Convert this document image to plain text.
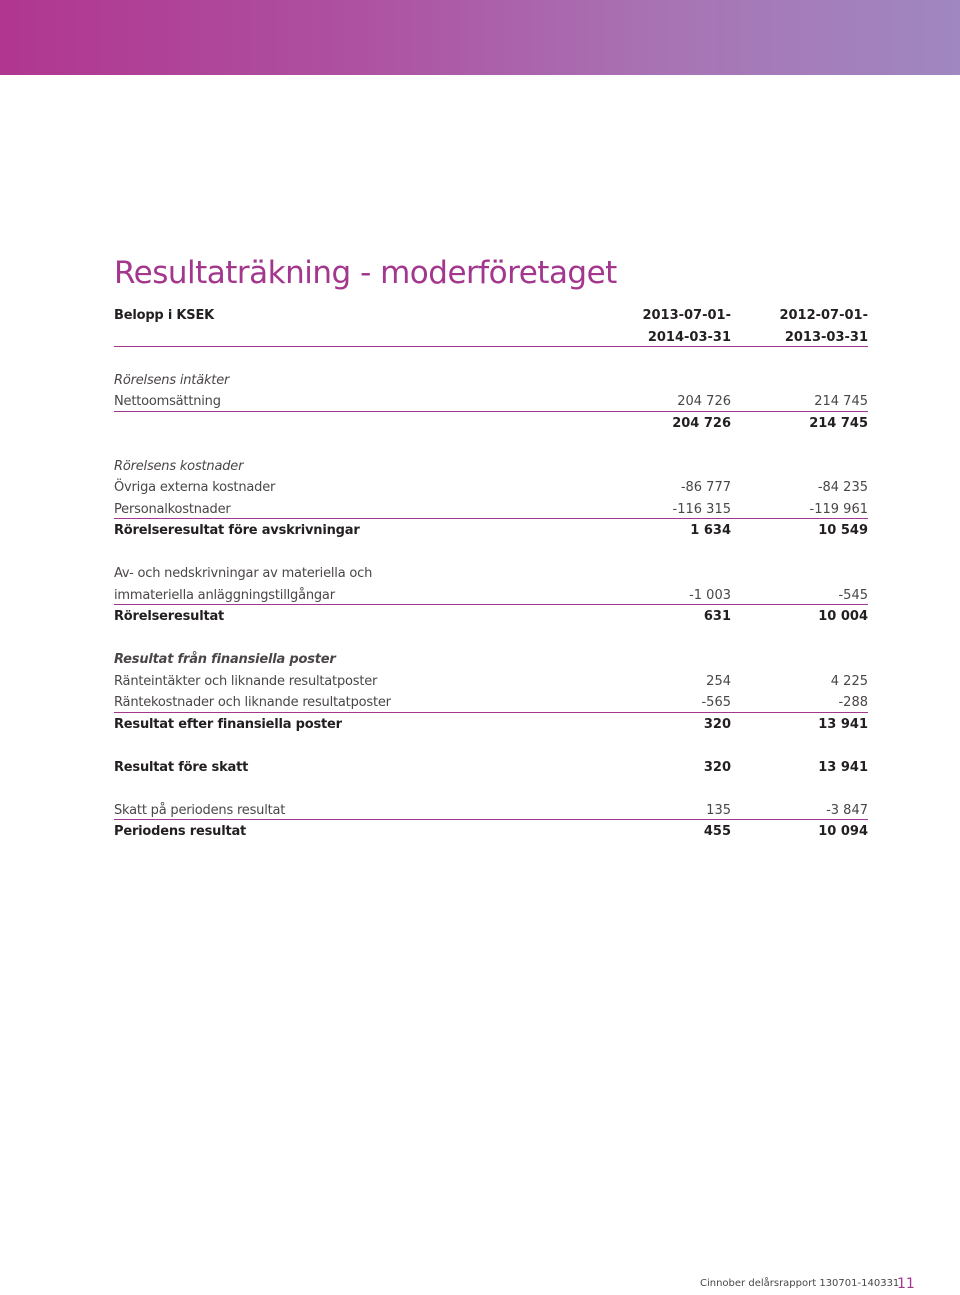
Resultaträkning - moderföretaget
Belopp i KSEK	2013-07-01-	2012-07-01-
2014-03-31	2013-03-31
Rörelsens intäkter
Nettoomsättning	204 726	214 745
204 726	214 745
Rörelsens kostnader
Övriga externa kostnader	-86 777	-84 235
Personalkostnader	-116 315	-119 961
Rörelseresultat före avskrivningar	1 634	10 549
Av- och nedskrivningar av materiella och
immateriella anläggningstillgångar	-1 003	-545
Rörelseresultat	631	10 004
Resultat från finansiella poster
Ränteintäkter och liknande resultatposter	254	4 225
Räntekostnader och liknande resultatposter	-565	-288
Resultat efter finansiella poster	320	13 941
Resultat före skatt	320	13 941
Skatt på periodens resultat	135	-3 847
Periodens resultat	455	10 094
Cinnober delårsrapport 130701-140331
11
